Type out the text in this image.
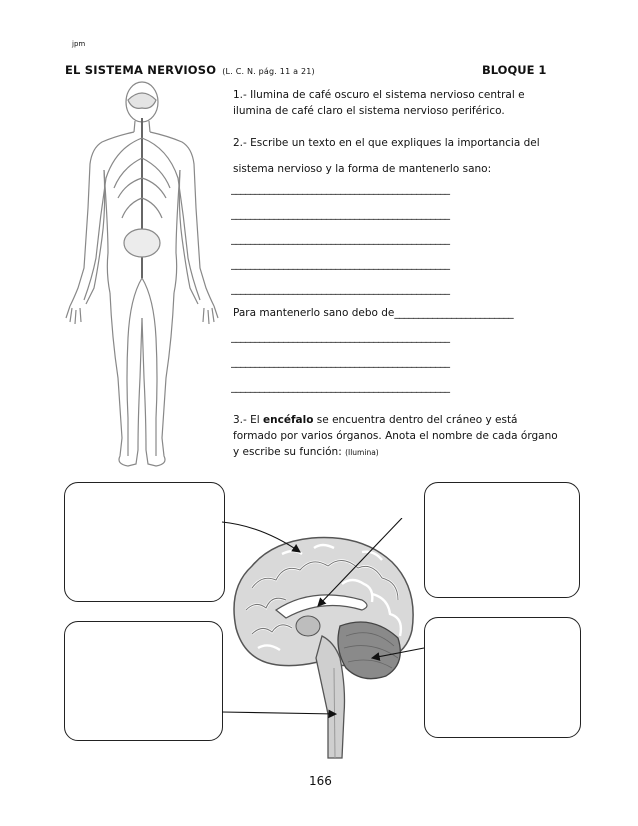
jpm
EL SISTEMA NERVIOSO (L. C. N. pág. 11 a 21)	BLOQUE 1
1.- Ilumina de café oscuro el sistema nervioso central e
ilumina de café claro el sistema nervioso periférico.
2.- Escribe un texto en el que expliques la importancia del
sistema nervioso y la forma de mantenerlo sano:
______________________________________________
______________________________________________
______________________________________________
______________________________________________
______________________________________________
Para mantenerlo sano debo de_________________________
______________________________________________
______________________________________________
______________________________________________
3.- El encéfalo se encuentra dentro del cráneo y está
formado por varios órganos. Anota el nombre de cada órgano
y escribe su función: (Ilumina)
166
